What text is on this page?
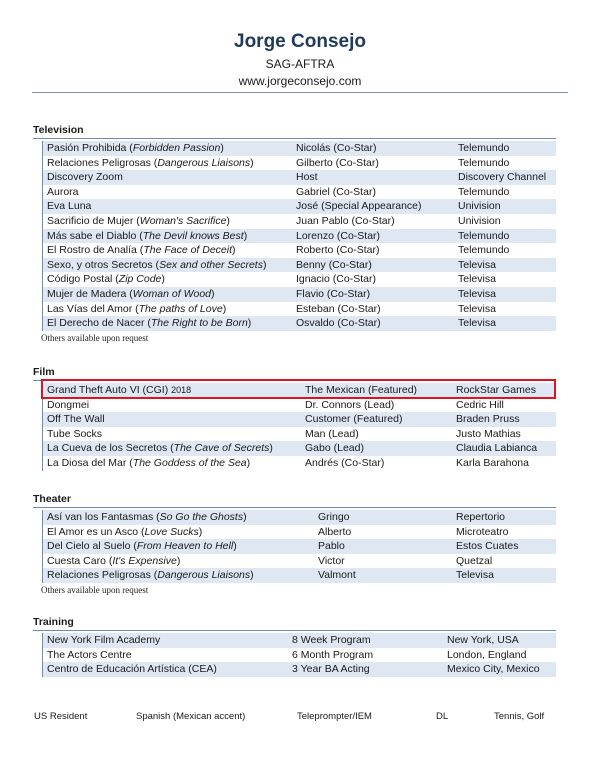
Jorge Consejo
SAG-AFTRA
www.jorgeconsejo.com
Television
Pasión Prohibida (Forbidden Passion)	Nicolás (Co-Star)	Telemundo
Relaciones Peligrosas (Dangerous Liaisons)	Gilberto (Co-Star)	Telemundo
Discovery Zoom	Host	Discovery Channel
Aurora	Gabriel (Co-Star)	Telemundo
Eva Luna	José (Special Appearance)	Univision
Sacrificio de Mujer (Woman's Sacrifice)	Juan Pablo (Co-Star)	Univision
Más sabe el Diablo (The Devil knows Best)	Lorenzo (Co-Star)	Telemundo
El Rostro de Analía (The Face of Deceit)	Roberto (Co-Star)	Telemundo
Sexo, y otros Secretos (Sex and other Secrets)	Benny (Co-Star)	Televisa
Código Postal (Zip Code)	Ignacio (Co-Star)	Televisa
Mujer de Madera (Woman of Wood)	Flavio (Co-Star)	Televisa
Las Vías del Amor (The paths of Love)	Esteban (Co-Star)	Televisa
El Derecho de Nacer (The Right to be Born)	Osvaldo (Co-Star)	Televisa
Others available upon request
Film
Grand Theft Auto VI (CGI) 2018	The Mexican (Featured)	RockStar Games
Dongmei	Dr. Connors (Lead)	Cedric Hill
Off The Wall	Customer (Featured)	Braden Pruss
Tube Socks	Man (Lead)	Justo Mathias
La Cueva de los Secretos (The Cave of Secrets)	Gabo (Lead)	Claudia Labianca
La Diosa del Mar (The Goddess of the Sea)	Andrés (Co-Star)	Karla Barahona
Theater
Así van los Fantasmas (So Go the Ghosts)	Gringo	Repertorio
El Amor es un Asco (Love Sucks)	Alberto	Microteatro
Del Cielo al Suelo (From Heaven to Hell)	Pablo	Estos Cuates
Cuesta Caro (It's Expensive)	Victor	Quetzal
Relaciones Peligrosas (Dangerous Liaisons)	Valmont	Televisa
Others available upon request
Training
New York Film Academy	8 Week Program	New York, USA
The Actors Centre	6 Month Program	London, England
Centro de Educación Artística (CEA)	3 Year BA Acting	Mexico City, Mexico
US Resident	Spanish (Mexican accent)	Teleprompter/IEM	DL	Tennis, Golf
